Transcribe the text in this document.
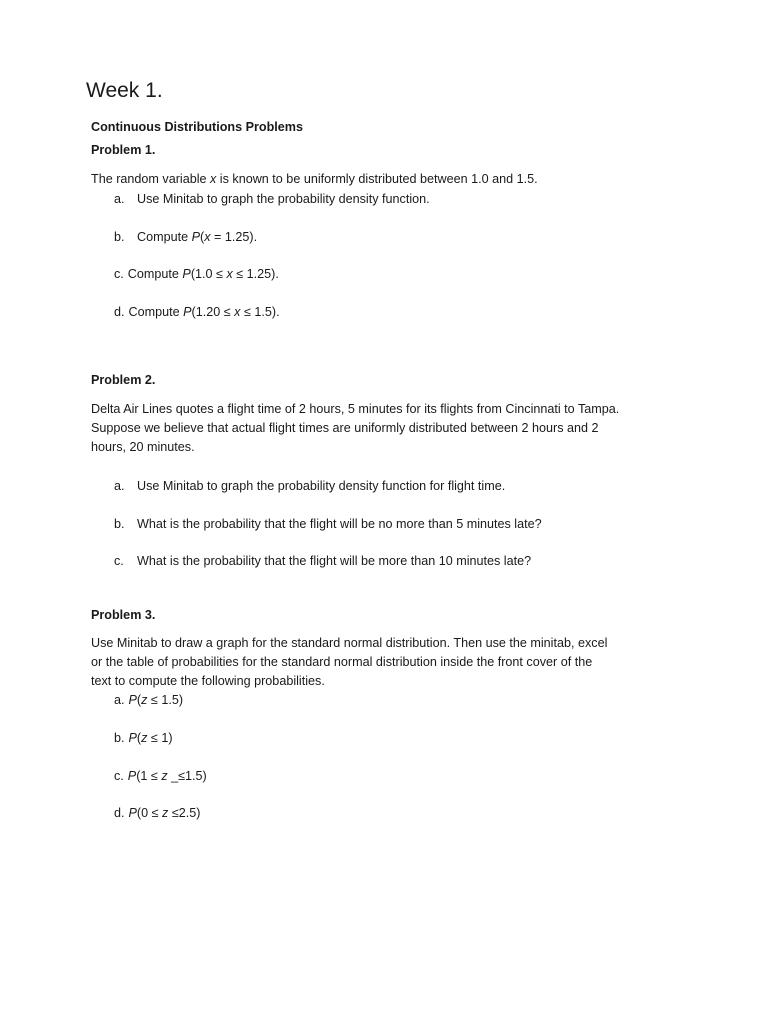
Week 1.
Continuous Distributions Problems
Problem 1.
The random variable x is known to be uniformly distributed between 1.0 and 1.5.
a. Use Minitab to graph the probability density function.
b. Compute P(x = 1.25).
c. Compute P(1.0 ≤ x ≤ 1.25).
d. Compute P(1.20 ≤ x ≤ 1.5).
Problem 2.
Delta Air Lines quotes a flight time of 2 hours, 5 minutes for its flights from Cincinnati to Tampa.
Suppose we believe that actual flight times are uniformly distributed between 2 hours and 2
hours, 20 minutes.
a. Use Minitab to graph the probability density function for flight time.
b. What is the probability that the flight will be no more than 5 minutes late?
c. What is the probability that the flight will be more than 10 minutes late?
Problem 3.
Use Minitab to draw a graph for the standard normal distribution. Then use the minitab, excel
or the table of probabilities for the standard normal distribution inside the front cover of the
text to compute the following probabilities.
a. P(z ≤ 1.5)
b. P(z ≤ 1)
c. P(1 ≤ z _≤1.5)
d. P(0 ≤ z ≤2.5)
